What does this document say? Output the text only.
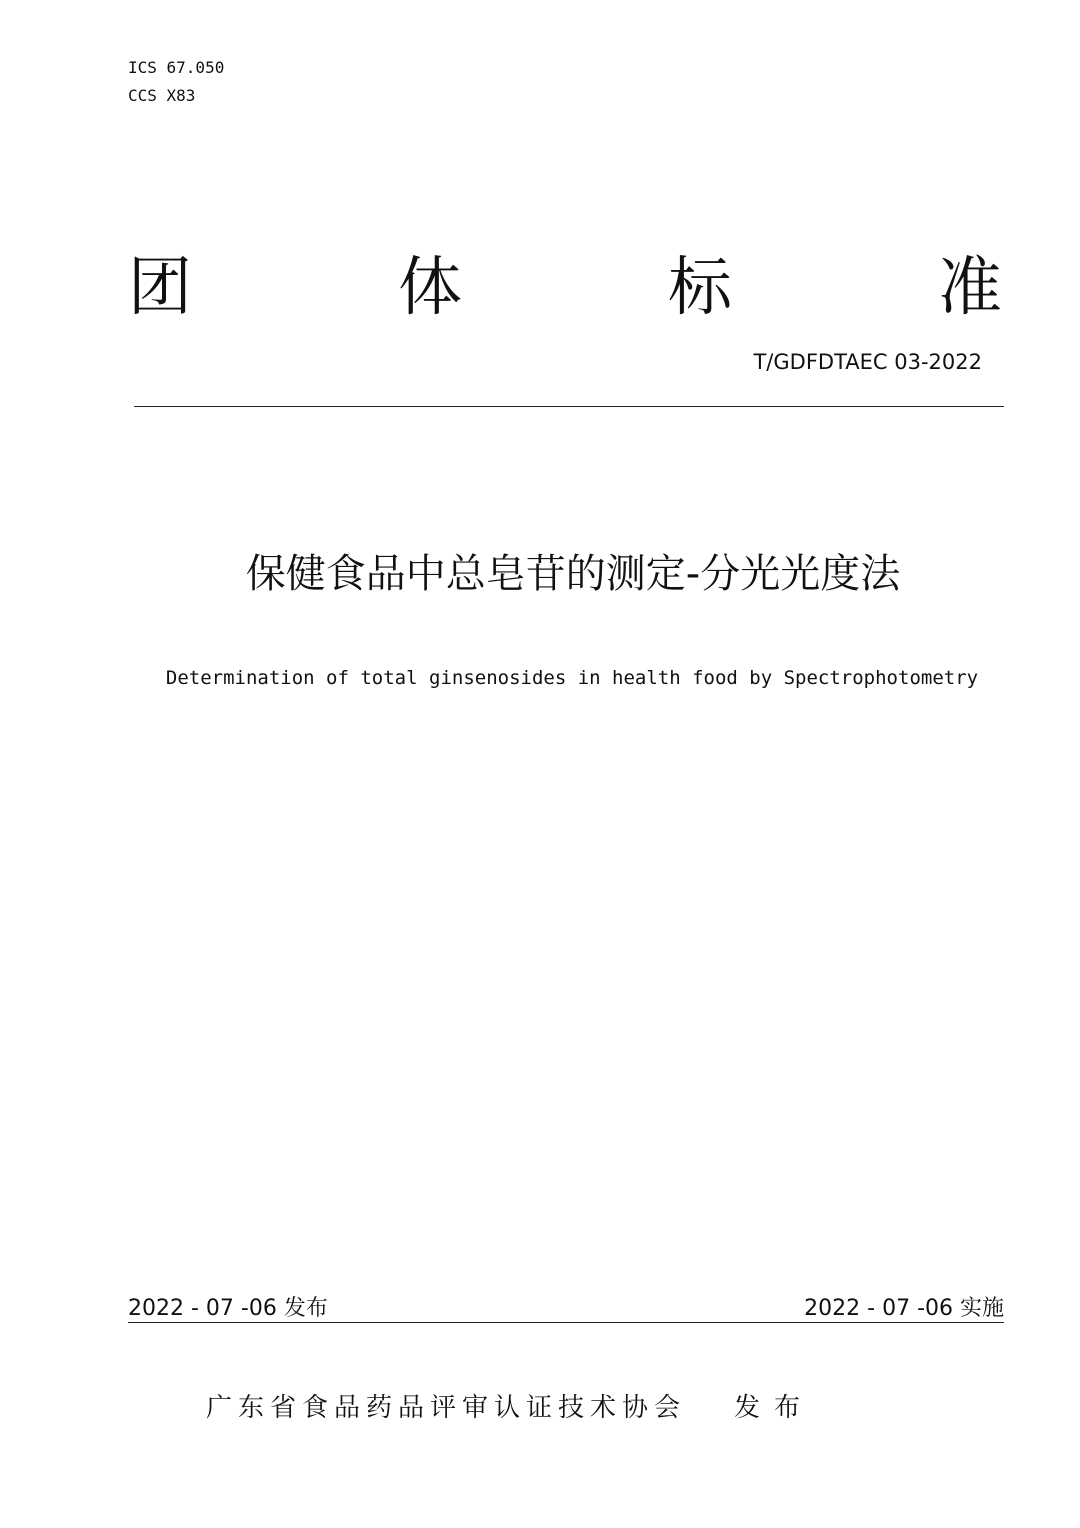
ICS 67.050
CCS X83
团	体	标	准
T/GDFDTAEC 03-2022
保健食品中总皂苷的测定-分光光度法
Determination of total ginsenosides in health food by Spectrophotometry
2022 - 07 -06 发布	2022 - 07 -06 实施
广东省食品药品评审认证技术协会 发布
